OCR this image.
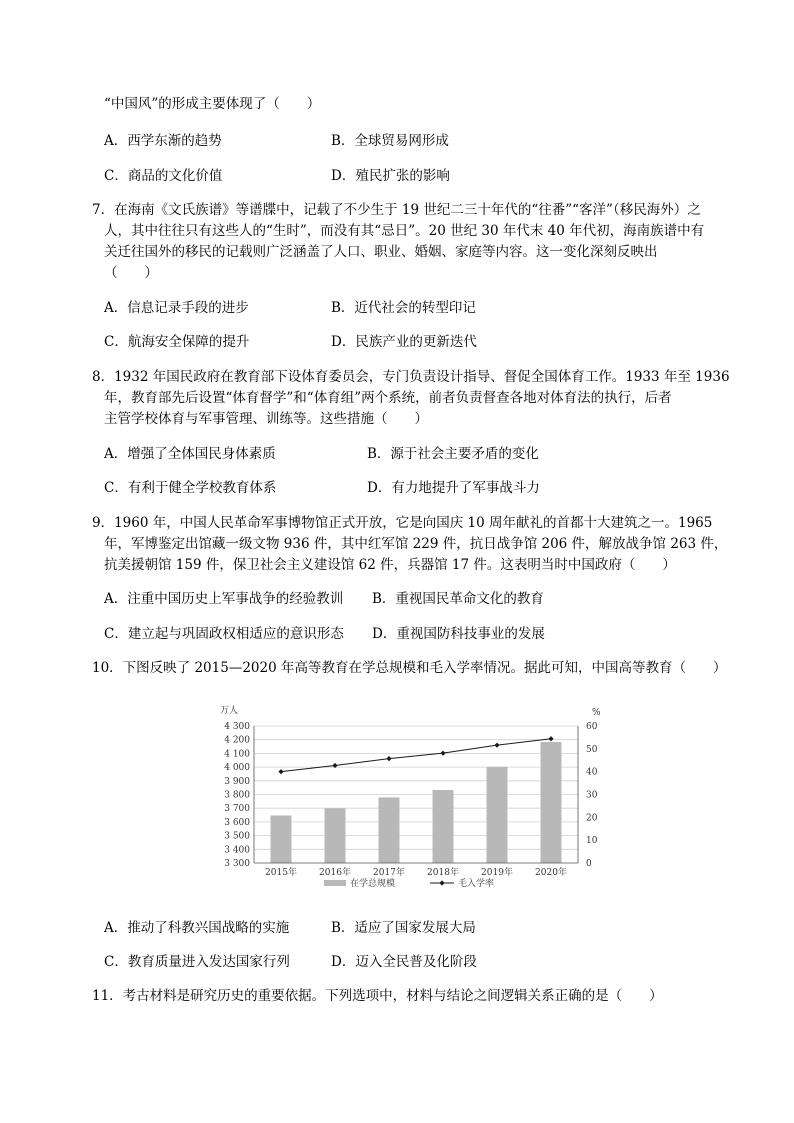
“中国风”的形成主要体现了（　　）
A．西学东渐的趋势	B．全球贸易网形成
C．商品的文化价值	D．殖民扩张的影响
7．在海南《文氏族谱》等谱牒中，记载了不少生于 19 世纪二三十年代的“往番”“客洋”（移民海外）之
人，其中往往只有这些人的“生时”，而没有其“忌日”。20 世纪 30 年代末 40 年代初，海南族谱中有
关迁往国外的移民的记载则广泛涵盖了人口、职业、婚姻、家庭等内容。这一变化深刻反映出
（　　）
A．信息记录手段的进步	B．近代社会的转型印记
C．航海安全保障的提升	D．民族产业的更新迭代
8．1932 年国民政府在教育部下设体育委员会，专门负责设计指导、督促全国体育工作。1933 年至 1936
年，教育部先后设置“体育督学”和“体育组”两个系统，前者负责督查各地对体育法的执行，后者
主管学校体育与军事管理、训练等。这些措施（　　）
A．增强了全体国民身体素质	B．源于社会主要矛盾的变化
C．有利于健全学校教育体系	D．有力地提升了军事战斗力
9．1960 年，中国人民革命军事博物馆正式开放，它是向国庆 10 周年献礼的首都十大建筑之一。1965
年，军博鉴定出馆藏一级文物 936 件，其中红军馆 229 件，抗日战争馆 206 件，解放战争馆 263 件，
抗美援朝馆 159 件，保卫社会主义建设馆 62 件，兵器馆 17 件。这表明当时中国政府（　　）
A．注重中国历史上军事战争的经验教训 B．重视国民革命文化的教育
C．建立起与巩固政权相适应的意识形态 D．重视国防科技事业的发展
10．下图反映了 2015—2020 年高等教育在学总规模和毛入学率情况。据此可知，中国高等教育（　　）
3 300
3 400
3 500
3 600
3 700
3 800
3 900
4 000
4 100
4 200
4 300
0
10
20
30
40
50
60
万人	%
2015年 2016年 2017年 2018年 2019年 2020年
在学总规模	毛入学率
A．推动了科教兴国战略的实施	B．适应了国家发展大局
C．教育质量进入发达国家行列	D．迈入全民普及化阶段
11．考古材料是研究历史的重要依据。下列选项中，材料与结论之间逻辑关系正确的是（　　）
